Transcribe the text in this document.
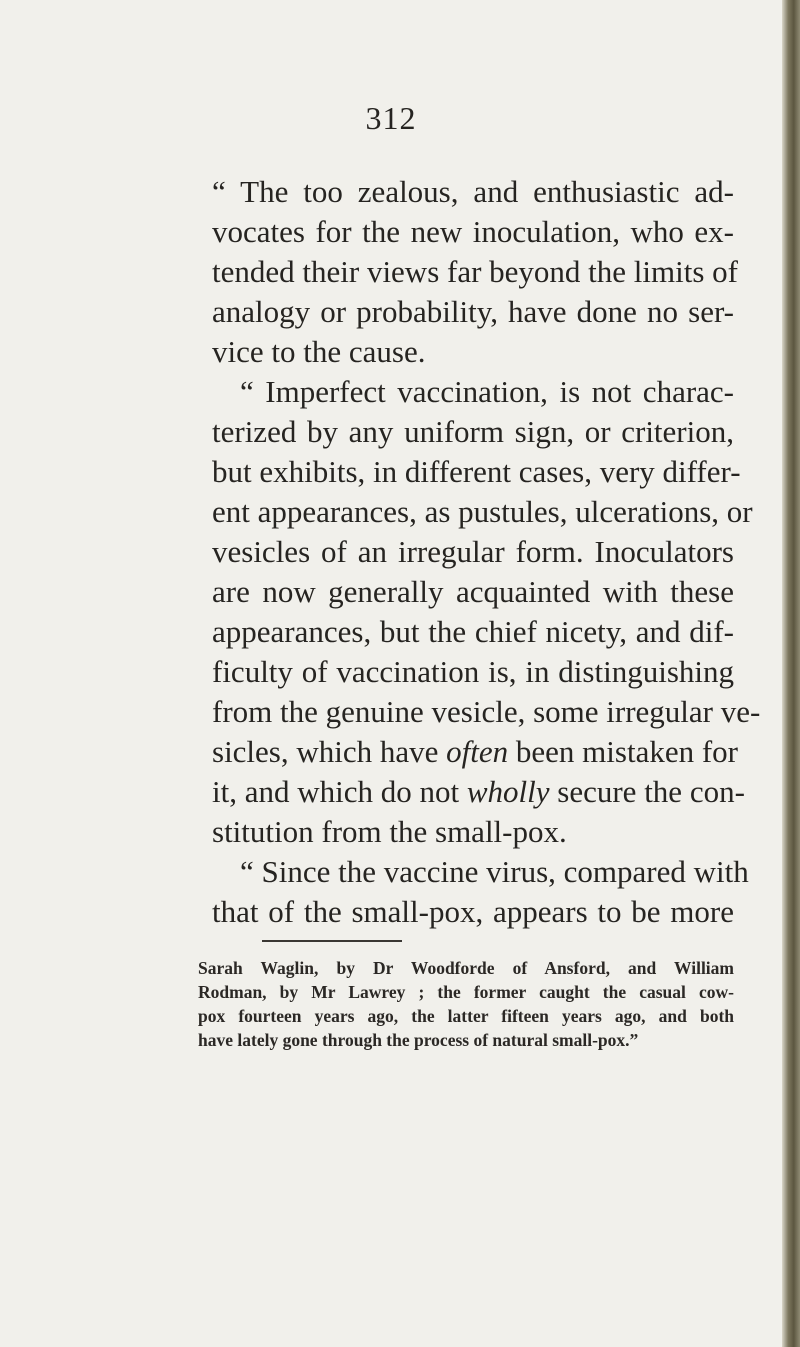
312

“ The too zealous, and enthusiastic ad-

vocates for the new inoculation, who ex-

tended their views far beyond the limits of

analogy or probability, have done no ser-

vice to the cause.

“ Imperfect vaccination, is not charac-

terized by any uniform sign, or criterion,

but exhibits, in different cases, very differ-

ent appearances, as pustules, ulcerations, or

vesicles of an irregular form. Inoculators

are now generally acquainted with these

appearances, but the chief nicety, and dif-

ficulty of vaccination is, in distinguishing

from the genuine vesicle, some irregular ve-

sicles, which have often been mistaken for

it, and which do not wholly secure the con-

stitution from the small-pox.

“ Since the vaccine virus, compared with

that of the small-pox, appears to be more

Sarah Waglin, by Dr Woodforde of Ansford, and William

Rodman, by Mr Lawrey ; the former caught the casual cow-

pox fourteen years ago, the latter fifteen years ago, and both

have lately gone through the process of natural small-pox.”
